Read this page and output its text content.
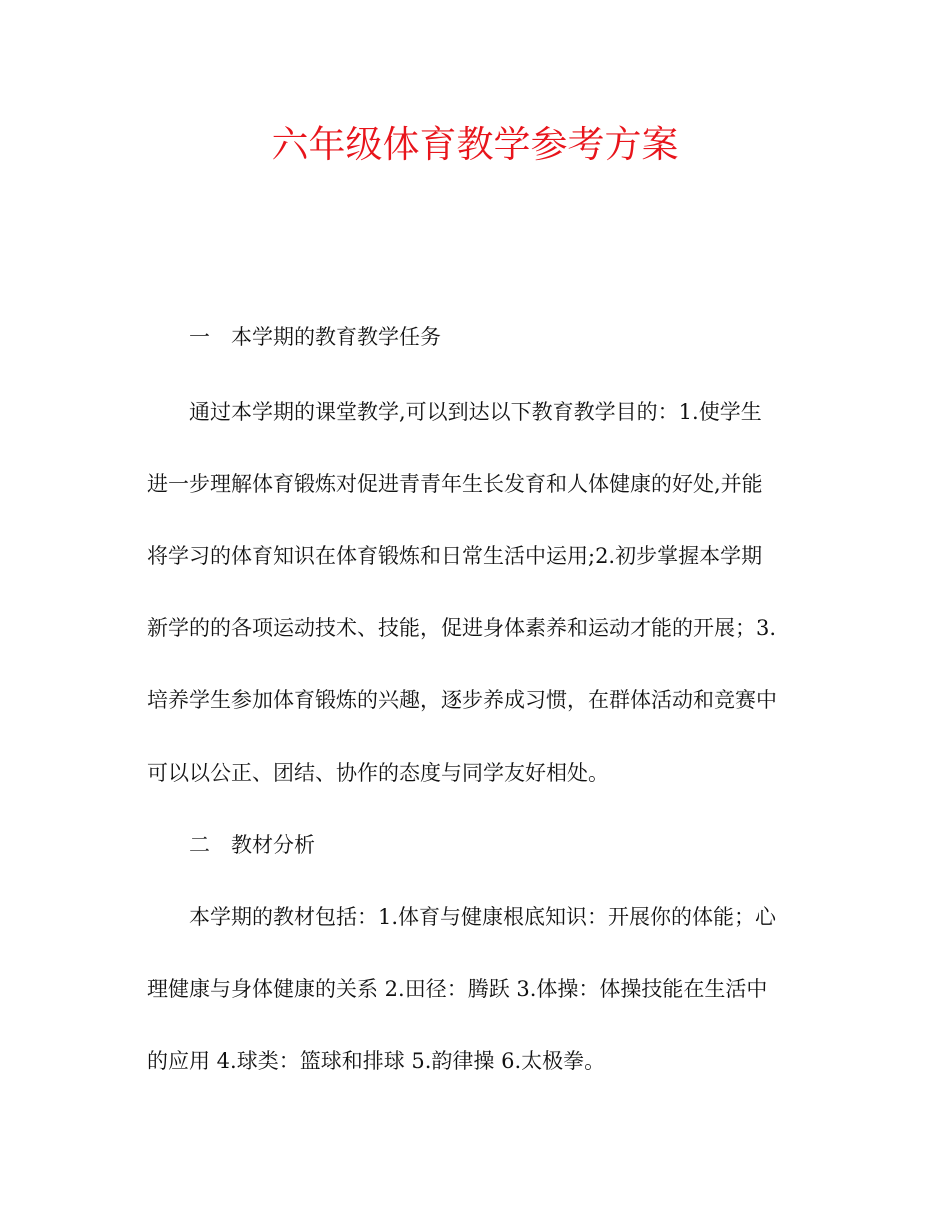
六年级体育教学参考方案

一　本学期的教育教学任务

通过本学期的课堂教学,可以到达以下教育教学目的：1.使学生

进一步理解体育锻炼对促进青青年生长发育和人体健康的好处,并能

将学习的体育知识在体育锻炼和日常生活中运用;2.初步掌握本学期

新学的的各项运动技术、技能，促进身体素养和运动才能的开展；3.

培养学生参加体育锻炼的兴趣，逐步养成习惯，在群体活动和竞赛中

可以以公正、团结、协作的态度与同学友好相处。

二　教材分析

本学期的教材包括：1.体育与健康根底知识：开展你的体能；心

理健康与身体健康的关系 2.田径：腾跃 3.体操：体操技能在生活中

的应用 4.球类：篮球和排球 5.韵律操 6.太极拳。
